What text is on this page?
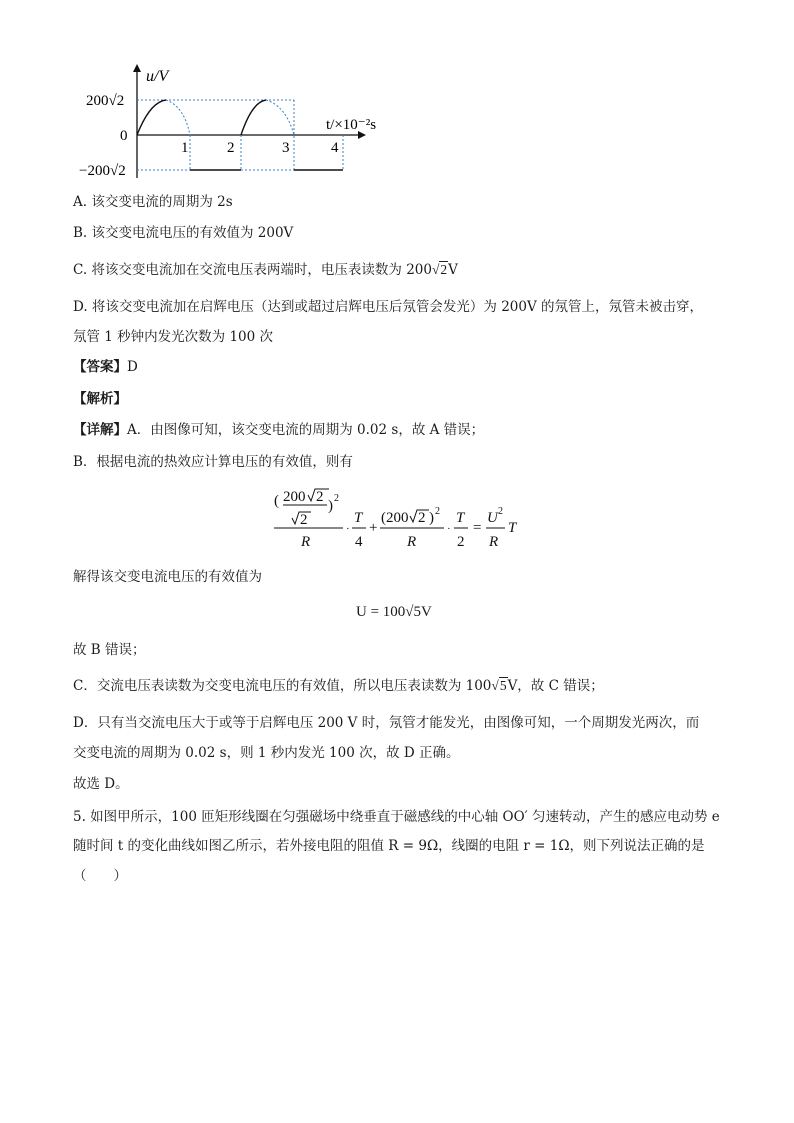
u/V
t/×10⁻²s
200√2
0
−200√2
1	2	3	4
A. 该交变电流的周期为 2s
B. 该交变电流电压的有效值为 200V
C. 将该交变电流加在交流电压表两端时，电压表读数为 200√2V
D. 将该交变电流加在启辉电压（达到或超过启辉电压后氖管会发光）为 200V 的氖管上，氖管未被击穿，
氖管 1 秒钟内发光次数为 100 次
【答案】D
【解析】
【详解】A．由图像可知，该交变电流的周期为 0.02 s，故 A 错误；
B．根据电流的热效应计算电压的有效值，则有
( 200 2
2
) 2
R
·
T
4
+
(200 2 ) 2
R
·
T
2
=
U 2
R
T
解得该交变电流电压的有效值为
U = 100√5V
故 B 错误；
C．交流电压表读数为交变电流电压的有效值，所以电压表读数为 100√5V，故 C 错误；
D．只有当交流电压大于或等于启辉电压 200 V 时，氖管才能发光，由图像可知，一个周期发光两次，而
交变电流的周期为 0.02 s，则 1 秒内发光 100 次，故 D 正确。
故选 D。
5. 如图甲所示，100 匝矩形线圈在匀强磁场中绕垂直于磁感线的中心轴 OO′ 匀速转动，产生的感应电动势 e
随时间 t 的变化曲线如图乙所示，若外接电阻的阻值 R = 9Ω，线圈的电阻 r = 1Ω，则下列说法正确的是
（　　）
